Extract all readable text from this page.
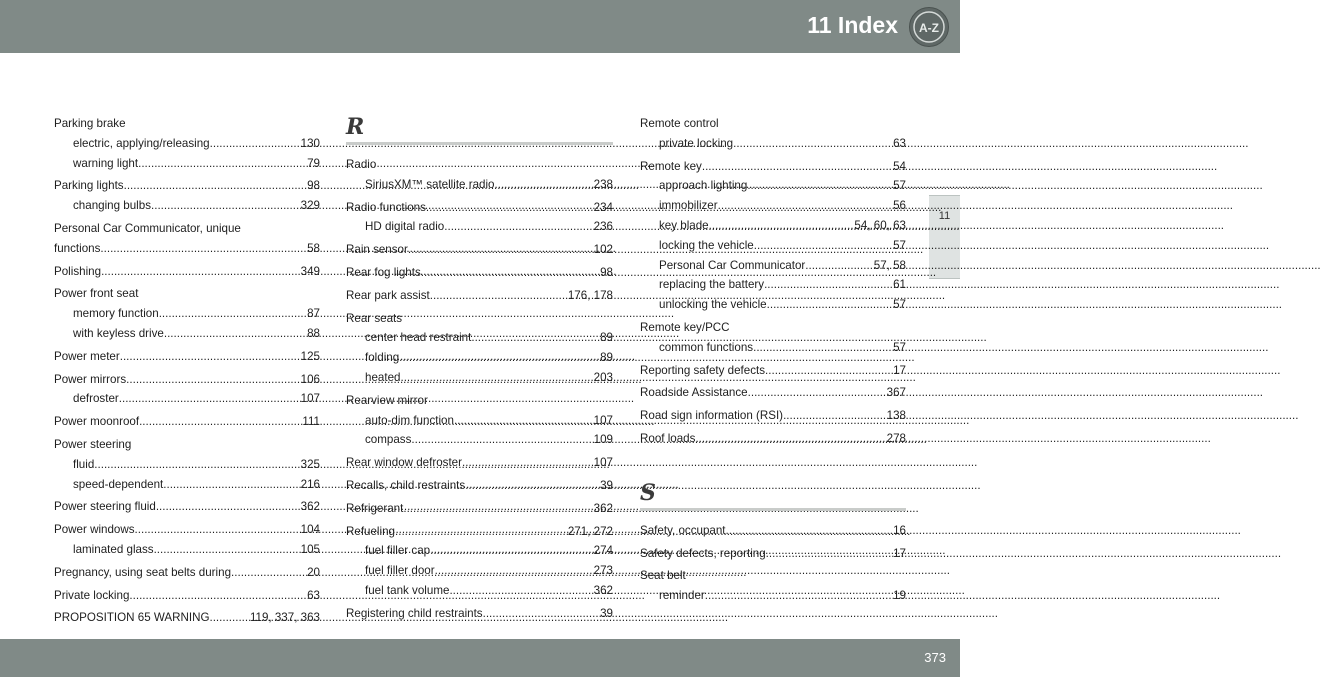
11 Index A-Z
11
Parking brake
electric, applying/releasing .....	130
warning light .....	79
Parking lights .....	98
changing bulbs .....	329
Personal Car Communicator, unique
functions .....	58
Polishing .....	349
Power front seat
memory function .....	87
with keyless drive .....	88
Power meter .....	125
Power mirrors .....	106
defroster .....	107
Power moonroof .....	111
Power steering
fluid .....	325
speed-dependent .....	216
Power steering fluid .....	362
Power windows .....	104
laminated glass .....	105
Pregnancy, using seat belts during .....	20
Private locking .....	63
PROPOSITION 65 WARNING. .....	119, 337, 363
R
Radio
SiriusXM™ satellite radio .....	238
Radio functions .....	234
HD digital radio .....	236
Rain sensor .....	102
Rear fog lights .....	98
Rear park assist .....	176, 178
Rear seats
center head restraint .....	89
folding .....	89
heated .....	203
Rearview mirror
auto-dim function .....	107
compass .....	109
Rear window defroster .....	107
Recalls, child restraints .....	39
Refrigerant .....	362
Refueling .....	271, 272
fuel filler cap .....	274
fuel filler door .....	273
fuel tank volume .....	362
Registering child restraints .....	39
Remote control
private locking .....	63
Remote key .....	54
approach lighting .....	57
immobilizer .....	56
key blade .....	54, 60, 63
locking the vehicle .....	57
Personal Car Communicator .....	57, 58
replacing the battery .....	61
unlocking the vehicle .....	57
Remote key/PCC
common functions .....	57
Reporting safety defects .....	17
Roadside Assistance .....	367
Road sign information (RSI) .....	138
Roof loads .....	278
S
Safety, occupant .....	16
Safety defects, reporting .....	17
Seat belt
reminder .....	19
373
